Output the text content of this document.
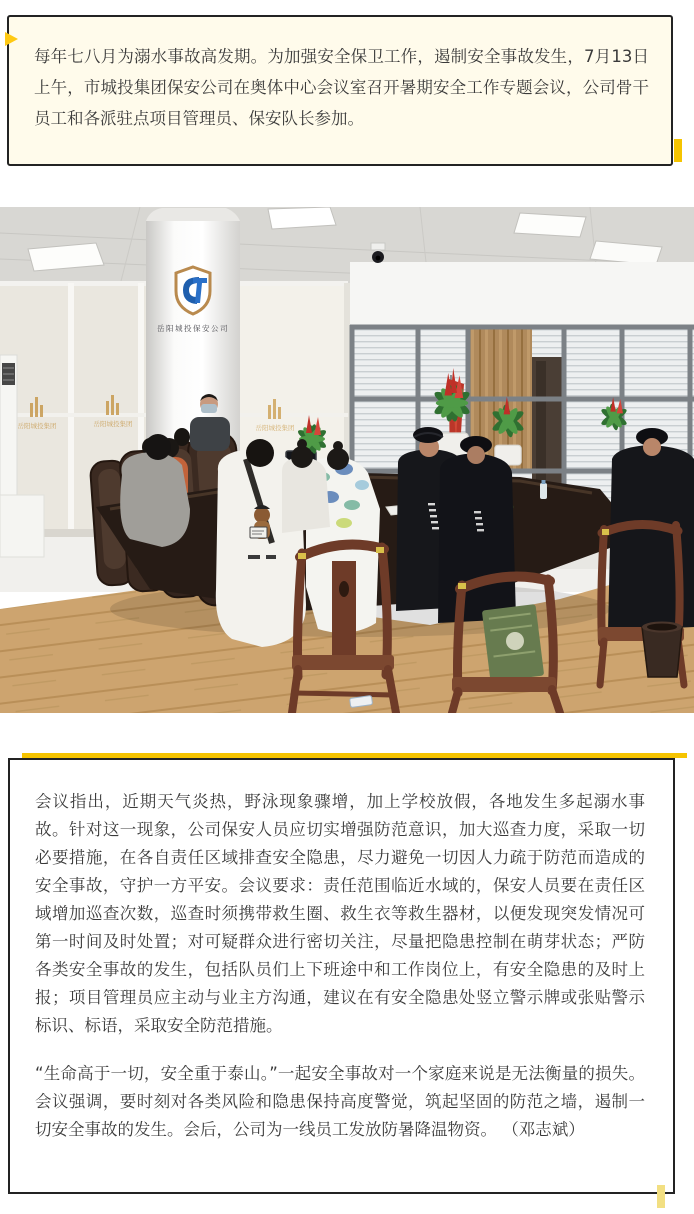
每年七八月为溺水事故高发期。为加强安全保卫工作，遏制安全事故发生，7月13日上午，市城投集团保安公司在奥体中心会议室召开暑期安全工作专题会议，公司骨干员工和各派驻点项目管理员、保安队长参加。

岳阳城投集团	岳阳城投集团	岳阳城投集团
岳阳城投保安公司

会议指出，近期天气炎热，野泳现象骤增，加上学校放假，各地发生多起溺水事故。针对这一现象，公司保安人员应切实增强防范意识，加大巡查力度，采取一切必要措施，在各自责任区域排查安全隐患，尽力避免一切因人力疏于防范而造成的安全事故，守护一方平安。会议要求：责任范围临近水域的，保安人员要在责任区域增加巡查次数，巡查时须携带救生圈、救生衣等救生器材，以便发现突发情况可第一时间及时处置；对可疑群众进行密切关注，尽量把隐患控制在萌芽状态；严防各类安全事故的发生，包括队员们上下班途中和工作岗位上，有安全隐患的及时上报；项目管理员应主动与业主方沟通，建议在有安全隐患处竖立警示牌或张贴警示标识、标语，采取安全防范措施。

“生命高于一切，安全重于泰山。”一起安全事故对一个家庭来说是无法衡量的损失。会议强调，要时刻对各类风险和隐患保持高度警觉，筑起坚固的防范之墙，遏制一切安全事故的发生。会后，公司为一线员工发放防暑降温物资。 （邓志斌）
